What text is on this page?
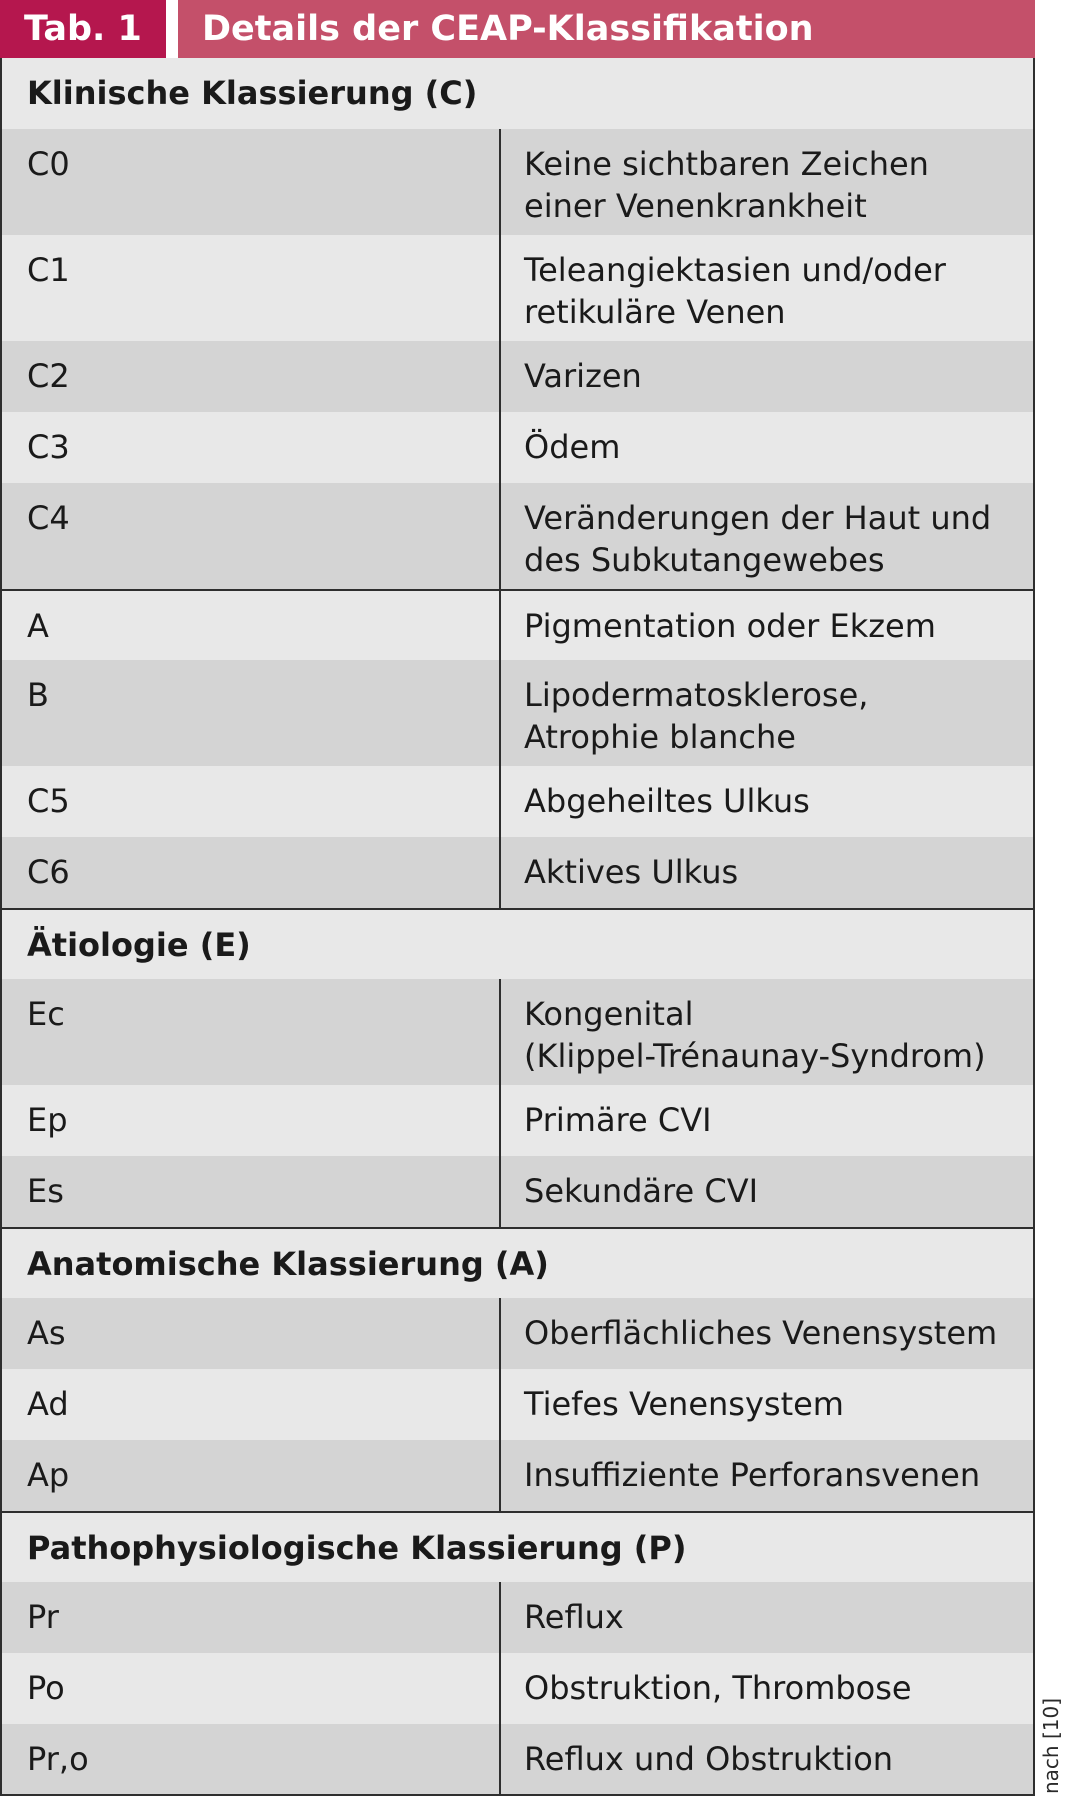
Tab. 1	Details der CEAP-Klassifikation
Klinische Klassierung (C)
C0	Keine sichtbaren Zeichen
einer Venenkrankheit
C1	Teleangiektasien und/oder
retikuläre Venen
C2	Varizen
C3	Ödem
C4	Veränderungen der Haut und
des Subkutangewebes
A	Pigmentation oder Ekzem
B	Lipodermatosklerose,
Atrophie blanche
C5	Abgeheiltes Ulkus
C6	Aktives Ulkus
Ätiologie (E)
Ec	Kongenital
(Klippel-Trénaunay-Syndrom)
Ep	Primäre CVI
Es	Sekundäre CVI
Anatomische Klassierung (A)
As	Oberflächliches Venensystem
Ad	Tiefes Venensystem
Ap	Insuffiziente Perforansvenen
Pathophysiologische Klassierung (P)
Pr	Reflux
Po	Obstruktion, Thrombose
Pr,o	Reflux und Obstruktion	nach [10]
